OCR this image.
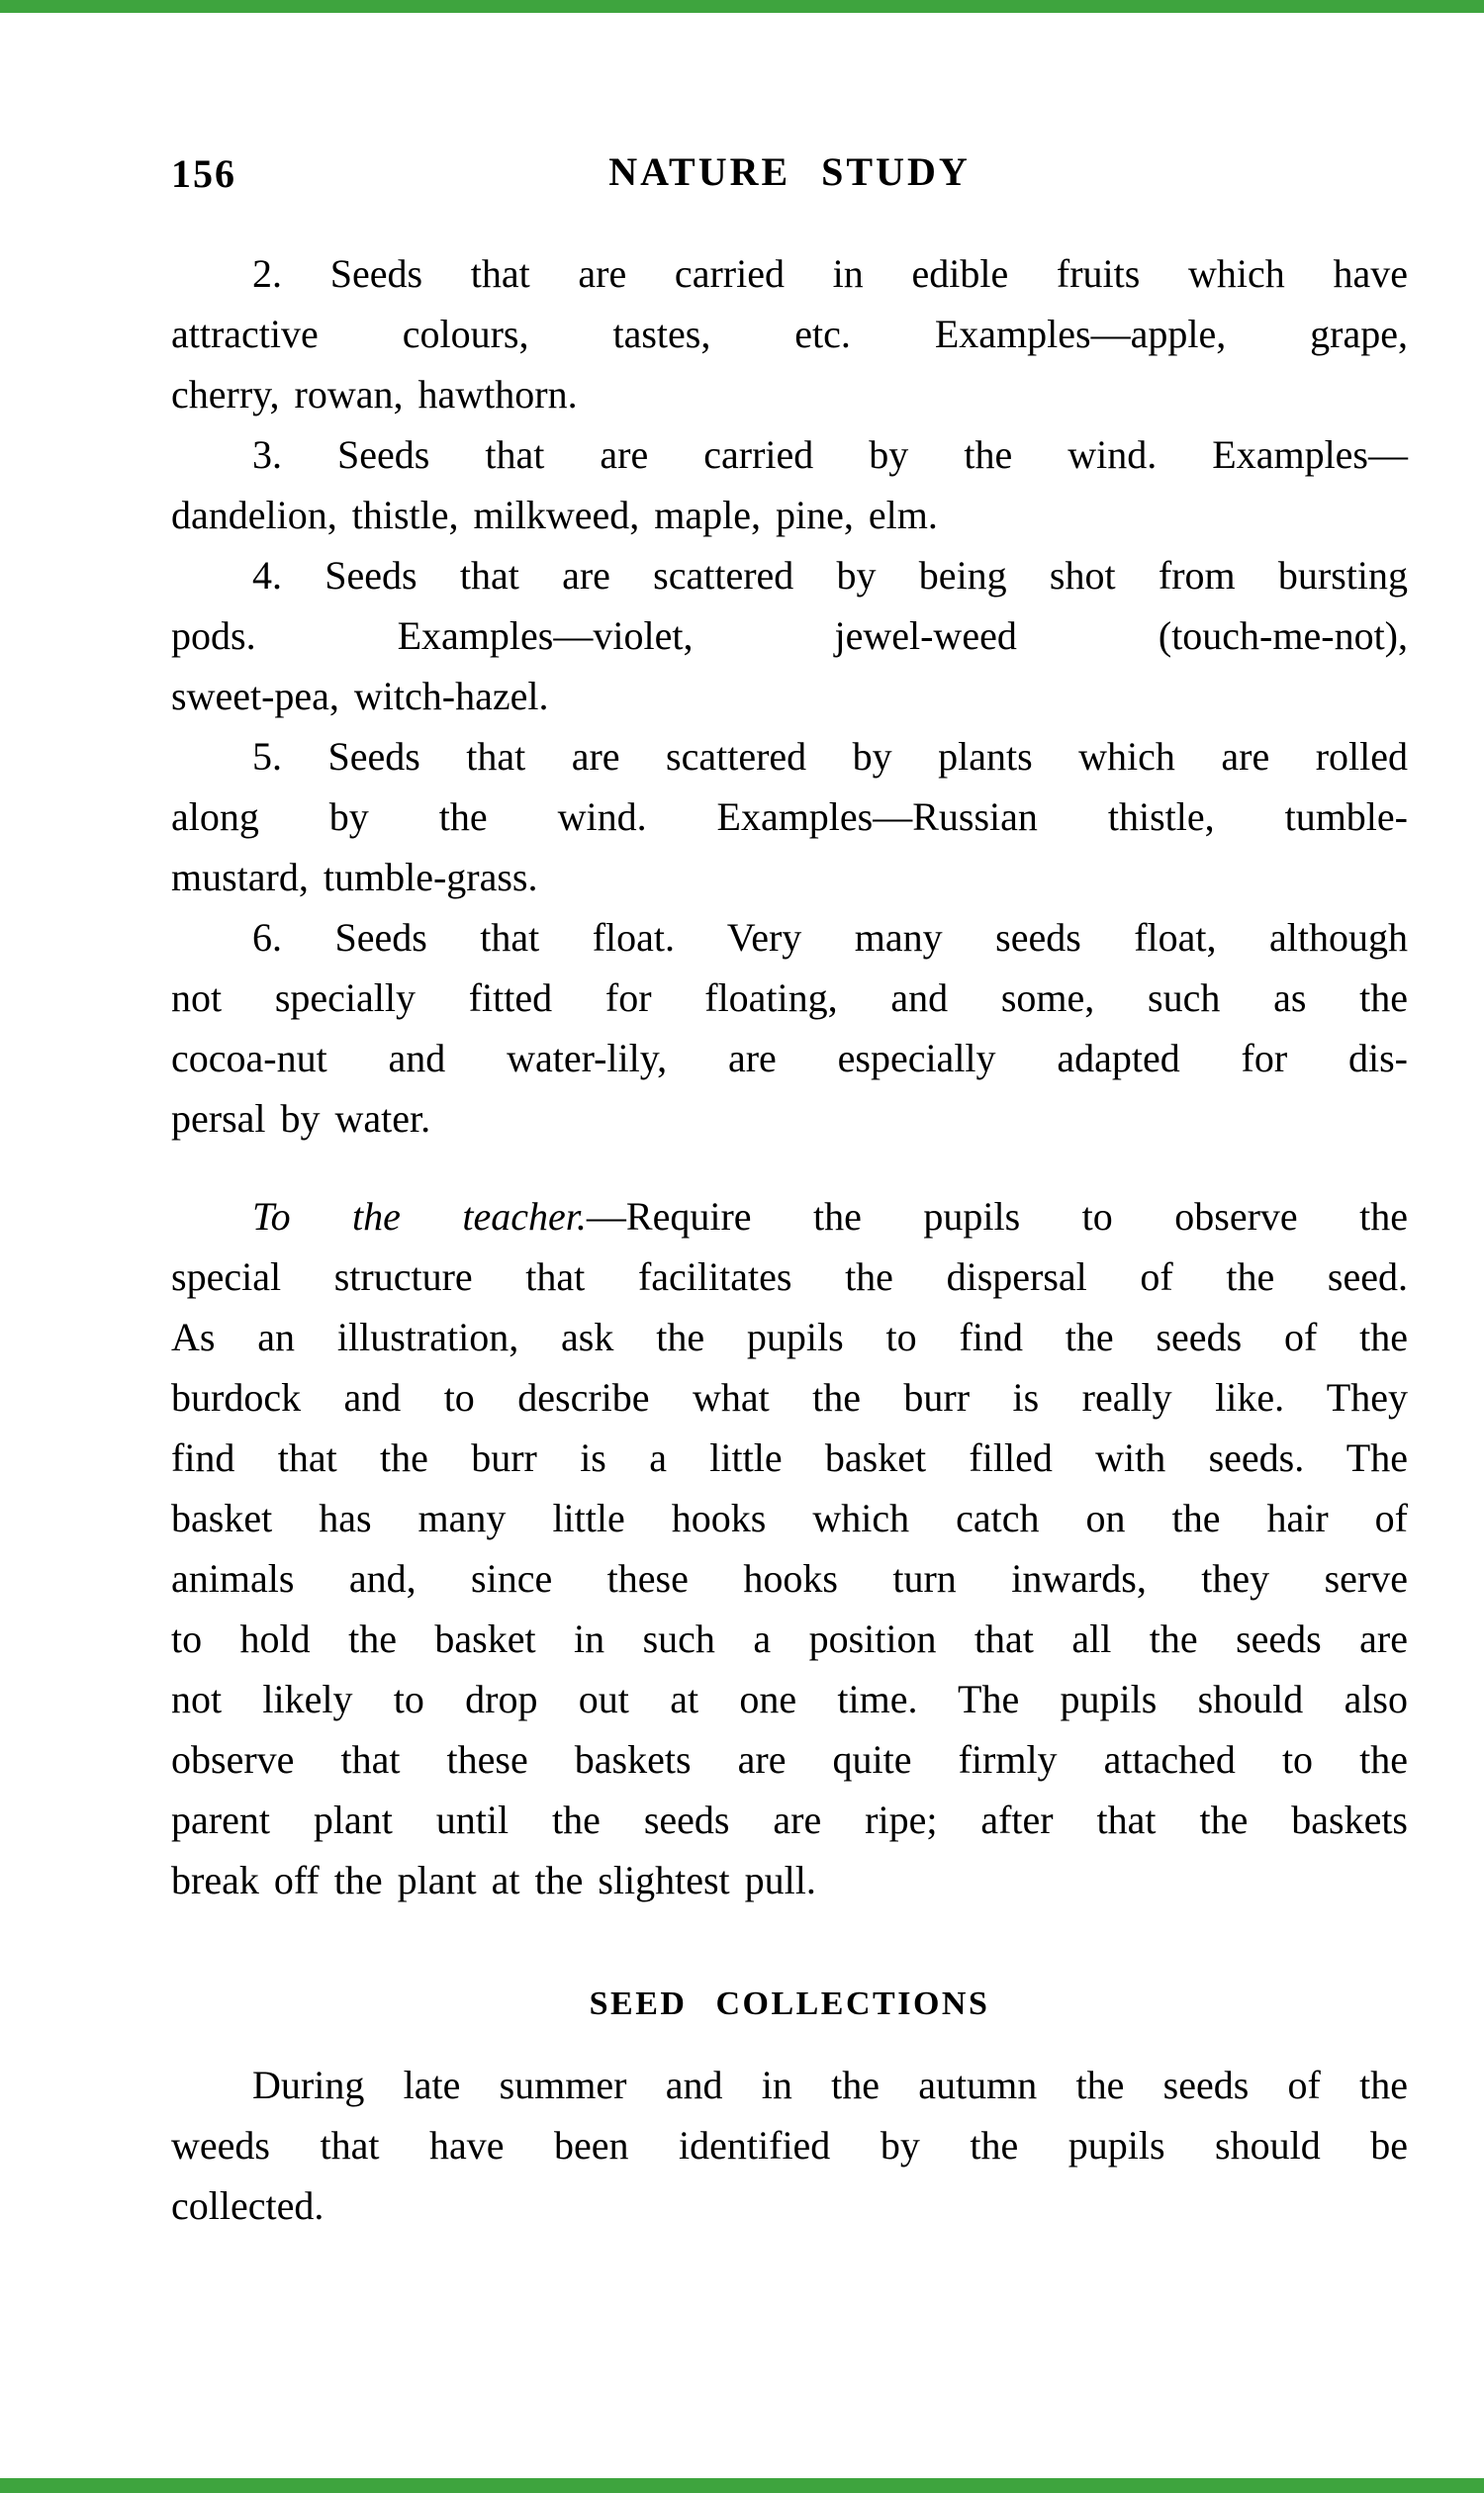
156	NATURE STUDY
2. Seeds that are carried in edible fruits which have
attractive colours, tastes, etc. Examples—apple, grape,
cherry, rowan, hawthorn.
3. Seeds that are carried by the wind. Examples—
dandelion, thistle, milkweed, maple, pine, elm.
4. Seeds that are scattered by being shot from bursting
pods. Examples—violet, jewel-weed (touch-me-not),
sweet-pea, witch-hazel.
5. Seeds that are scattered by plants which are rolled
along by the wind. Examples—Russian thistle, tumble-
mustard, tumble-grass.
6. Seeds that float. Very many seeds float, although
not specially fitted for floating, and some, such as the
cocoa-nut and water-lily, are especially adapted for dis-
persal by water.
To the teacher.—Require the pupils to observe the
special structure that facilitates the dispersal of the seed.
As an illustration, ask the pupils to find the seeds of the
burdock and to describe what the burr is really like. They
find that the burr is a little basket filled with seeds. The
basket has many little hooks which catch on the hair of
animals and, since these hooks turn inwards, they serve
to hold the basket in such a position that all the seeds are
not likely to drop out at one time. The pupils should also
observe that these baskets are quite firmly attached to the
parent plant until the seeds are ripe; after that the baskets
break off the plant at the slightest pull.
SEED COLLECTIONS
During late summer and in the autumn the seeds of the
weeds that have been identified by the pupils should be
collected.
